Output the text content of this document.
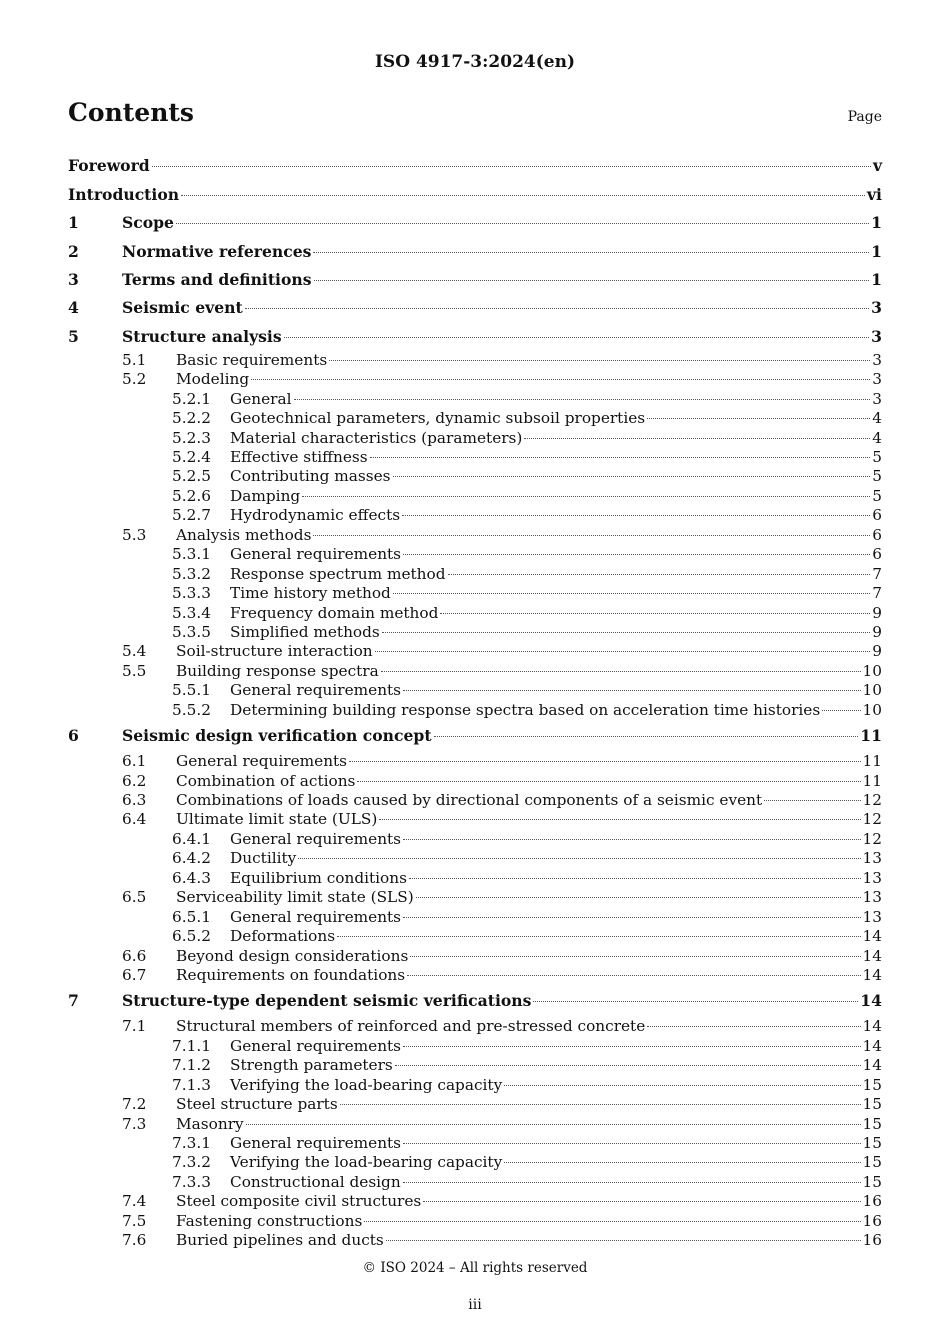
ISO 4917-3:2024(en)
Contents	Page
Foreword	v
Introduction	vi
1	Scope	1
2	Normative references	1
3	Terms and definitions	1
4	Seismic event	3
5	Structure analysis	3
5.1 Basic requirements	3
5.2 Modeling	3
5.2.1 General	3
5.2.2 Geotechnical parameters, dynamic subsoil properties	4
5.2.3 Material characteristics (parameters)	4
5.2.4 Effective stiffness	5
5.2.5 Contributing masses	5
5.2.6 Damping	5
5.2.7 Hydrodynamic effects	6
5.3 Analysis methods	6
5.3.1 General requirements	6
5.3.2 Response spectrum method	7
5.3.3 Time history method	7
5.3.4 Frequency domain method	9
5.3.5 Simplified methods	9
5.4 Soil-structure interaction	9
5.5 Building response spectra	10
5.5.1 General requirements	10
5.5.2 Determining building response spectra based on acceleration time histories	10
6	Seismic design verification concept	11
6.1 General requirements	11
6.2 Combination of actions	11
6.3 Combinations of loads caused by directional components of a seismic event	12
6.4 Ultimate limit state (ULS)	12
6.4.1 General requirements	12
6.4.2 Ductility	13
6.4.3 Equilibrium conditions	13
6.5 Serviceability limit state (SLS)	13
6.5.1 General requirements	13
6.5.2 Deformations	14
6.6 Beyond design considerations	14
6.7 Requirements on foundations	14
7	Structure-type dependent seismic verifications	14
7.1 Structural members of reinforced and pre-stressed concrete	14
7.1.1 General requirements	14
7.1.2 Strength parameters	14
7.1.3 Verifying the load-bearing capacity	15
7.2 Steel structure parts	15
7.3 Masonry	15
7.3.1 General requirements	15
7.3.2 Verifying the load-bearing capacity	15
7.3.3 Constructional design	15
7.4 Steel composite civil structures	16
7.5 Fastening constructions	16
7.6 Buried pipelines and ducts	16
© ISO 2024 – All rights reserved
iii
